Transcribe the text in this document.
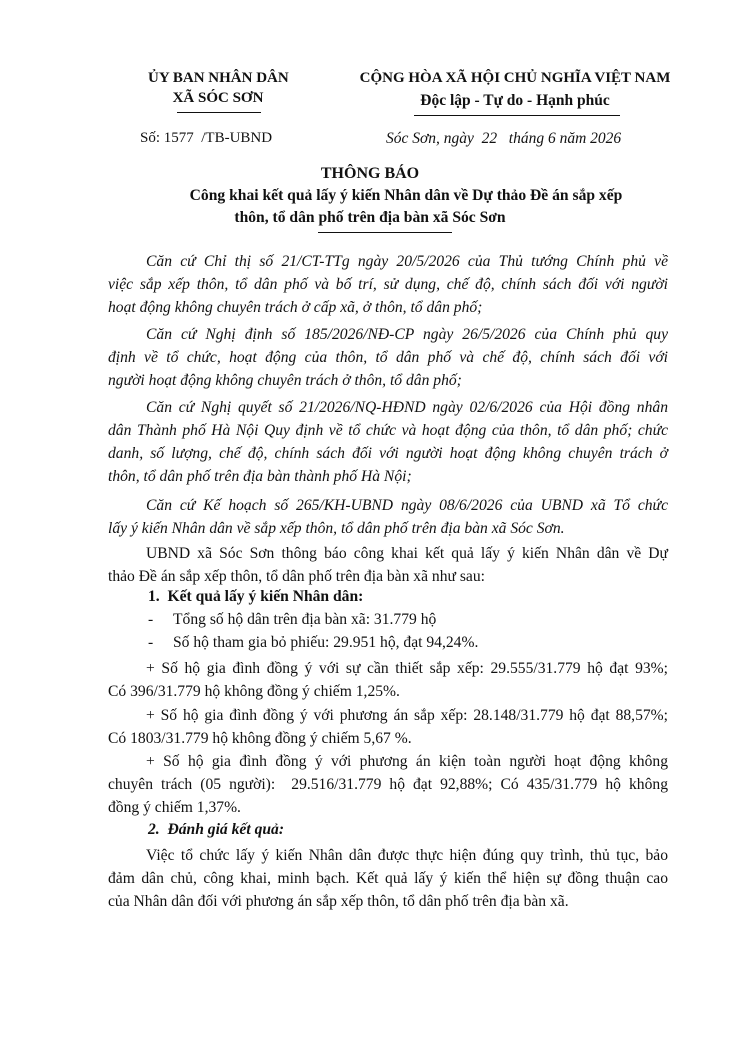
ỦY BAN NHÂN DÂN
XÃ SÓC SƠN
CỘNG HÒA XÃ HỘI CHỦ NGHĨA VIỆT NAM
Độc lập - Tự do - Hạnh phúc
Số: 1577  /TB-UBND	Sóc Sơn, ngày  22   tháng 6 năm 2026
THÔNG BÁO
Công khai kết quả lấy ý kiến Nhân dân về Dự thảo Đề án sắp xếp
thôn, tổ dân phố trên địa bàn xã Sóc Sơn
Căn cứ Chỉ thị số 21/CT-TTg ngày 20/5/2026 của Thủ tướng Chính phủ về
việc sắp xếp thôn, tổ dân phố và bố trí, sử dụng, chế độ, chính sách đối với người
hoạt động không chuyên trách ở cấp xã, ở thôn, tổ dân phố;
Căn cứ Nghị định số 185/2026/NĐ-CP ngày 26/5/2026 của Chính phủ quy
định về tổ chức, hoạt động của thôn, tổ dân phố và chế độ, chính sách đối với
người hoạt động không chuyên trách ở thôn, tổ dân phố;
Căn cứ Nghị quyết số 21/2026/NQ-HĐND ngày 02/6/2026 của Hội đồng nhân
dân Thành phố Hà Nội Quy định về tổ chức và hoạt động của thôn, tổ dân phố; chức
danh, số lượng, chế độ, chính sách đối với người hoạt động không chuyên trách ở
thôn, tổ dân phố trên địa bàn thành phố Hà Nội;
Căn cứ Kế hoạch số 265/KH-UBND ngày 08/6/2026 của UBND xã Tổ chức
lấy ý kiến Nhân dân về sắp xếp thôn, tổ dân phố trên địa bàn xã Sóc Sơn.
UBND xã Sóc Sơn thông báo công khai kết quả lấy ý kiến Nhân dân về Dự
thảo Đề án sắp xếp thôn, tổ dân phố trên địa bàn xã như sau:
1.  Kết quả lấy ý kiến Nhân dân:
- Tổng số hộ dân trên địa bàn xã: 31.779 hộ
- Số hộ tham gia bỏ phiếu: 29.951 hộ, đạt 94,24%.
+ Số hộ gia đình đồng ý với sự cần thiết sắp xếp: 29.555/31.779 hộ đạt 93%;
Có 396/31.779 hộ không đồng ý chiếm 1,25%.
+ Số hộ gia đình đồng ý với phương án sắp xếp: 28.148/31.779 hộ đạt 88,57%;
Có 1803/31.779 hộ không đồng ý chiếm 5,67 %.
+ Số hộ gia đình đồng ý với phương án kiện toàn người hoạt động không
chuyên trách (05 người):  29.516/31.779 hộ đạt 92,88%; Có 435/31.779 hộ không
đồng ý chiếm 1,37%.
2.  Đánh giá kết quả:
Việc tổ chức lấy ý kiến Nhân dân được thực hiện đúng quy trình, thủ tục, bảo
đảm dân chủ, công khai, minh bạch. Kết quả lấy ý kiến thể hiện sự đồng thuận cao
của Nhân dân đối với phương án sắp xếp thôn, tổ dân phố trên địa bàn xã.
